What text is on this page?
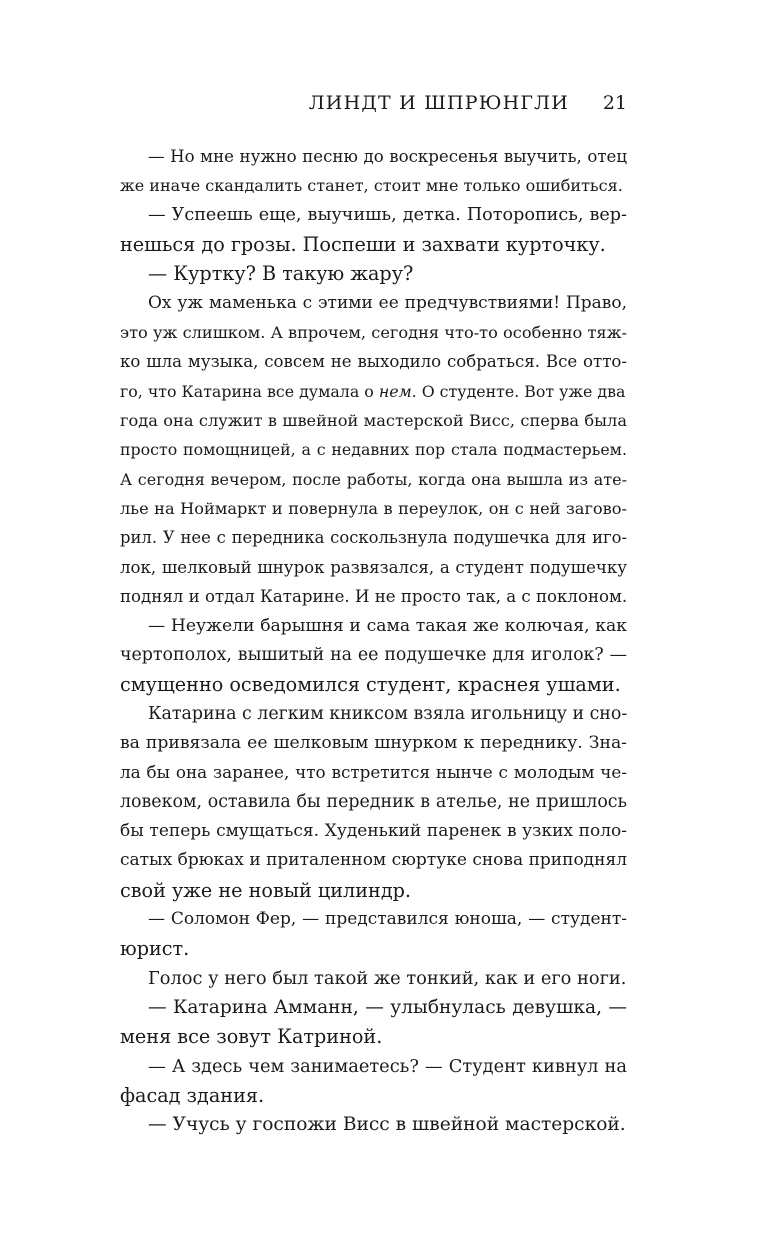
ЛИНДТ И ШПРЮНГЛИ 21
— Но мне нужно песню до воскресенья выучить, отец
же иначе скандалить станет, стоит мне только ошибиться.
— Успеешь еще, выучишь, детка. Поторопись, вер-
нешься до грозы. Поспеши и захвати курточку.
— Куртку? В такую жару?
Ох уж маменька с этими ее предчувствиями! Право,
это уж слишком. А впрочем, сегодня что-то особенно тяж-
ко шла музыка, совсем не выходило собраться. Все отто-
го, что Катарина все думала о нем. О студенте. Вот уже два
года она служит в швейной мастерской Висс, сперва была
просто помощницей, а с недавних пор стала подмастерьем.
А сегодня вечером, после работы, когда она вышла из ате-
лье на Ноймаркт и повернула в переулок, он с ней загово-
рил. У нее с передника соскользнула подушечка для иго-
лок, шелковый шнурок развязался, а студент подушечку
поднял и отдал Катарине. И не просто так, а с поклоном.
— Неужели барышня и сама такая же колючая, как
чертополох, вышитый на ее подушечке для иголок? —
смущенно осведомился студент, краснея ушами.
Катарина с легким книксом взяла игольницу и сно-
ва привязала ее шелковым шнурком к переднику. Зна-
ла бы она заранее, что встретится нынче с молодым че-
ловеком, оставила бы передник в ателье, не пришлось
бы теперь смущаться. Худенький паренек в узких поло-
сатых брюках и приталенном сюртуке снова приподнял
свой уже не новый цилиндр.
— Соломон Фер, — представился юноша, — студент-
юрист.
Голос у него был такой же тонкий, как и его ноги.
— Катарина Амманн, — улыбнулась девушка, —
меня все зовут Катриной.
— А здесь чем занимаетесь? — Студент кивнул на
фасад здания.
— Учусь у госпожи Висс в швейной мастерской.
